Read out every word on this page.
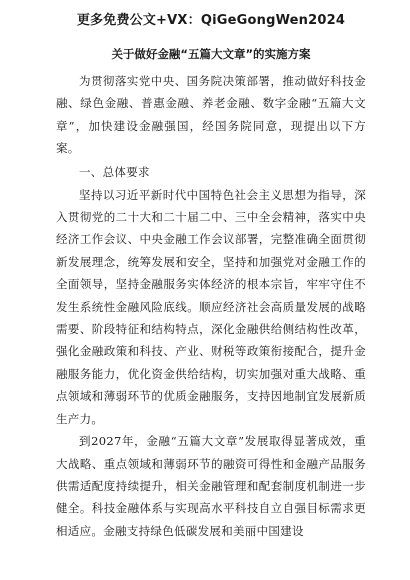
更多免费公文+VX：QiGeGongWen2024
关于做好金融“五篇大文章”的实施方案

为贯彻落实党中央、国务院决策部署，推动做好科技金融、绿色金融、普惠金融、养老金融、数字金融“五篇大文章”，加快建设金融强国，经国务院同意，现提出以下方案。

一、总体要求

坚持以习近平新时代中国特色社会主义思想为指导，深入贯彻党的二十大和二十届二中、三中全会精神，落实中央经济工作会议、中央金融工作会议部署，完整准确全面贯彻新发展理念，统筹发展和安全，坚持和加强党对金融工作的全面领导，坚持金融服务实体经济的根本宗旨，牢牢守住不发生系统性金融风险底线。顺应经济社会高质量发展的战略需要、阶段特征和结构特点，深化金融供给侧结构性改革，强化金融政策和科技、产业、财税等政策衔接配合，提升金融服务能力，优化资金供给结构，切实加强对重大战略、重点领域和薄弱环节的优质金融服务，支持因地制宜发展新质生产力。

到2027年，金融“五篇大文章”发展取得显著成效，重大战略、重点领域和薄弱环节的融资可得性和金融产品服务供需适配度持续提升，相关金融管理和配套制度机制进一步健全。科技金融体系与实现高水平科技自立自强目标需求更相适应。金融支持绿色低碳发展和美丽中国建设
